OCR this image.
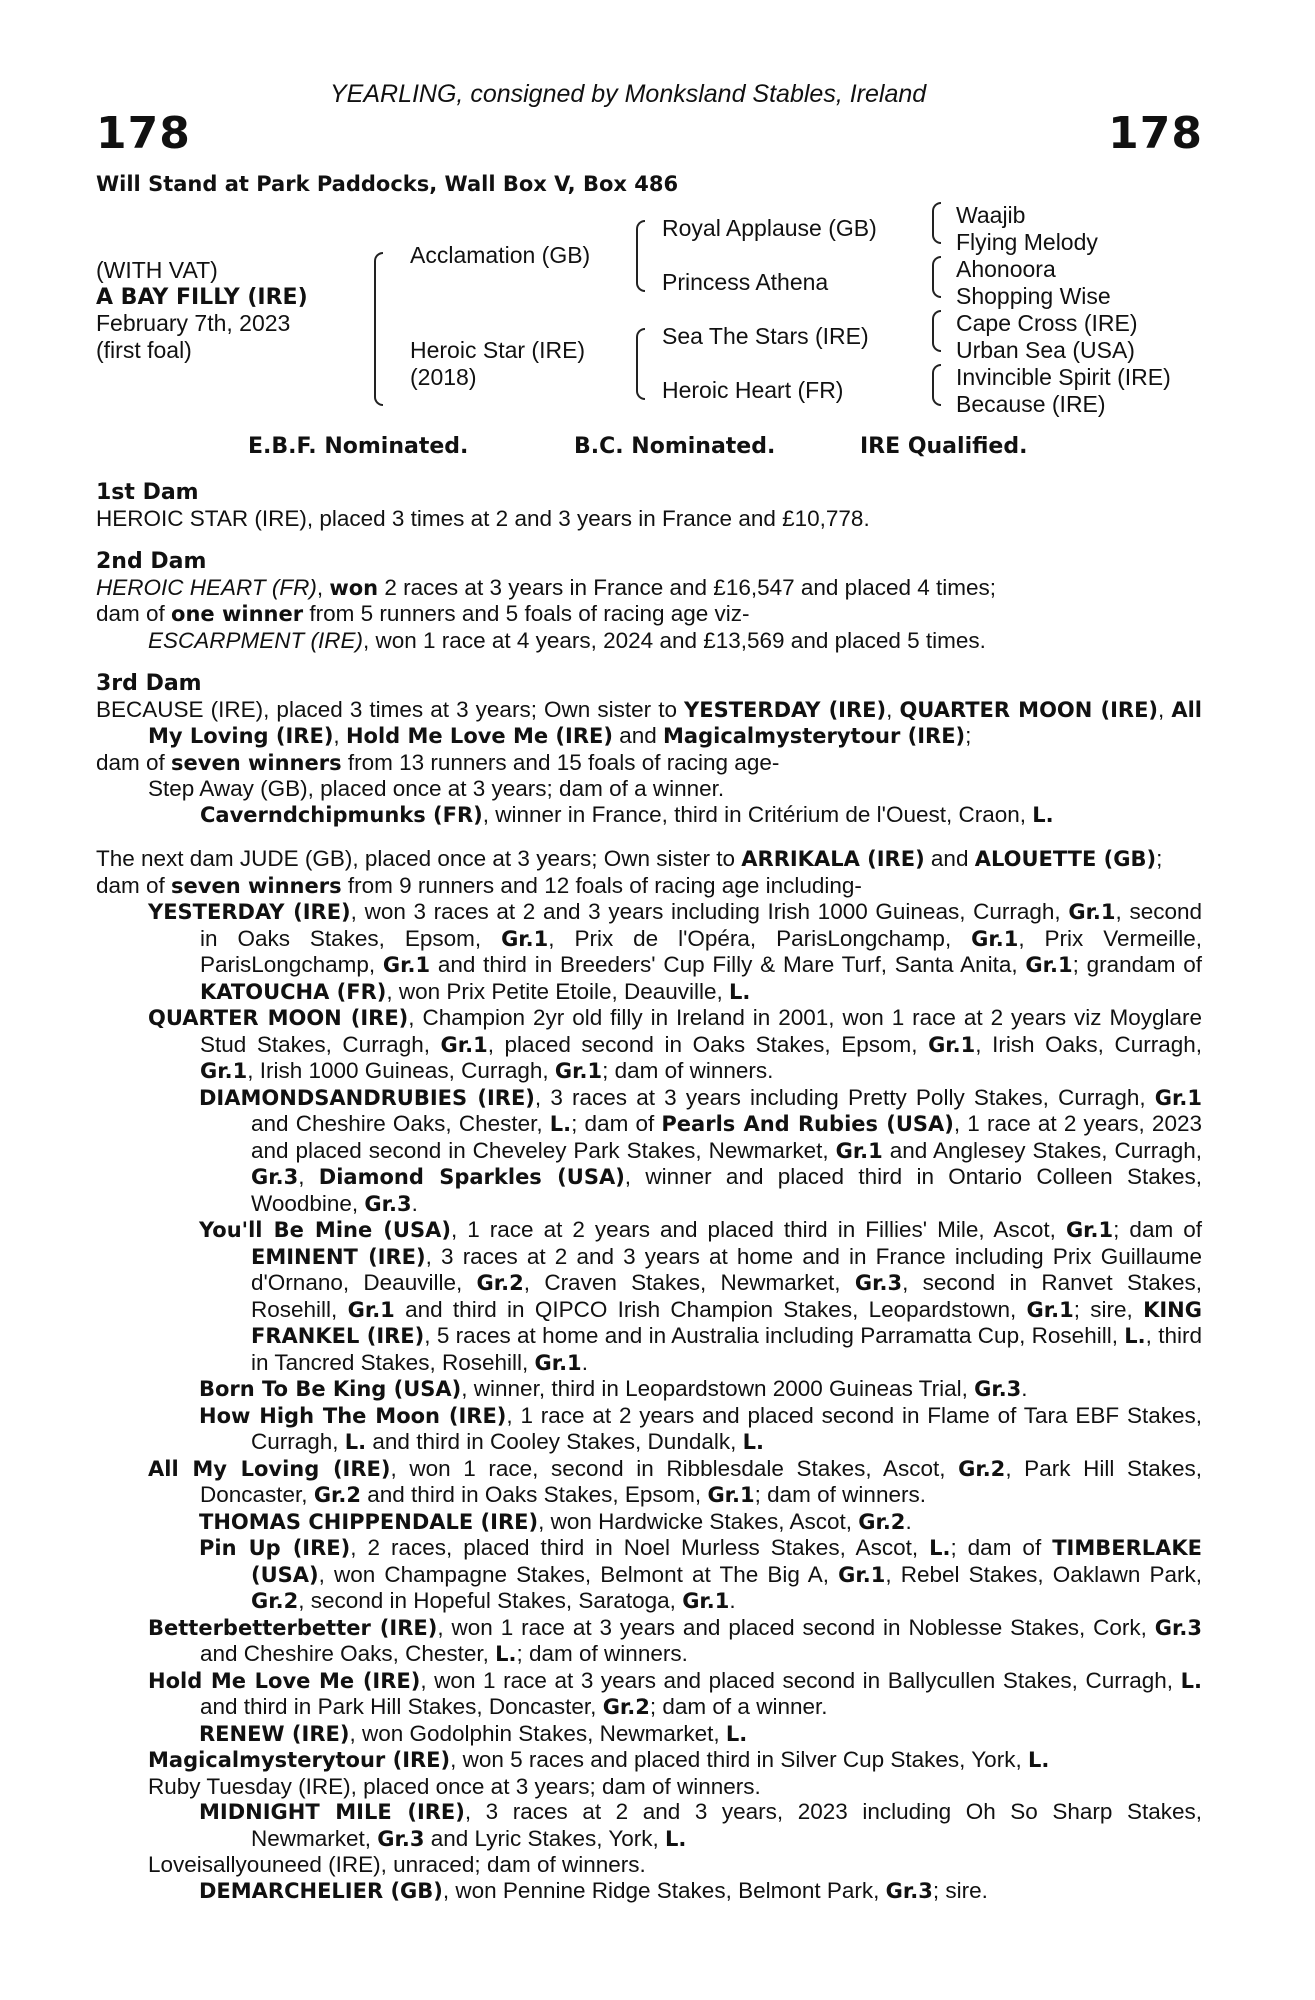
YEARLING, consigned by Monksland Stables, Ireland
178	178
Will Stand at Park Paddocks, Wall Box V, Box 486
(WITH VAT)
A BAY FILLY (IRE)
February 7th, 2023
(first foal)
Acclamation (GB)
Heroic Star (IRE)
(2018)
Royal Applause (GB)
Princess Athena
Sea The Stars (IRE)
Heroic Heart (FR)
Waajib
Flying Melody
Ahonoora
Shopping Wise
Cape Cross (IRE)
Urban Sea (USA)
Invincible Spirit (IRE)
Because (IRE)
E.B.F. Nominated.	B.C. Nominated.	IRE Qualified.

1st Dam

HEROIC STAR (IRE), placed 3 times at 2 and 3 years in France and £10,778.

2nd Dam

HEROIC HEART (FR), won 2 races at 3 years in France and £16,547 and placed 4 times;

dam of one winner from 5 runners and 5 foals of racing age viz-

ESCARPMENT (IRE), won 1 race at 4 years, 2024 and £13,569 and placed 5 times.

3rd Dam

BECAUSE (IRE), placed 3 times at 3 years; Own sister to YESTERDAY (IRE), QUARTER MOON (IRE), All My Loving (IRE), Hold Me Love Me (IRE) and Magicalmysterytour (IRE);

dam of seven winners from 13 runners and 15 foals of racing age-

Step Away (GB), placed once at 3 years; dam of a winner.

Caverndchipmunks (FR), winner in France, third in Critérium de l'Ouest, Craon, L.

The next dam JUDE (GB), placed once at 3 years; Own sister to ARRIKALA (IRE) and ALOUETTE (GB);

dam of seven winners from 9 runners and 12 foals of racing age including-

YESTERDAY (IRE), won 3 races at 2 and 3 years including Irish 1000 Guineas, Curragh, Gr.1, second in Oaks Stakes, Epsom, Gr.1, Prix de l'Opéra, ParisLongchamp, Gr.1, Prix Vermeille, ParisLongchamp, Gr.1 and third in Breeders' Cup Filly & Mare Turf, Santa Anita, Gr.1; grandam of KATOUCHA (FR), won Prix Petite Etoile, Deauville, L.

QUARTER MOON (IRE), Champion 2yr old filly in Ireland in 2001, won 1 race at 2 years viz Moyglare Stud Stakes, Curragh, Gr.1, placed second in Oaks Stakes, Epsom, Gr.1, Irish Oaks, Curragh, Gr.1, Irish 1000 Guineas, Curragh, Gr.1; dam of winners.

DIAMONDSANDRUBIES (IRE), 3 races at 3 years including Pretty Polly Stakes, Curragh, Gr.1 and Cheshire Oaks, Chester, L.; dam of Pearls And Rubies (USA), 1 race at 2 years, 2023 and placed second in Cheveley Park Stakes, Newmarket, Gr.1 and Anglesey Stakes, Curragh, Gr.3, Diamond Sparkles (USA), winner and placed third in Ontario Colleen Stakes, Woodbine, Gr.3.

You'll Be Mine (USA), 1 race at 2 years and placed third in Fillies' Mile, Ascot, Gr.1; dam of EMINENT (IRE), 3 races at 2 and 3 years at home and in France including Prix Guillaume d'Ornano, Deauville, Gr.2, Craven Stakes, Newmarket, Gr.3, second in Ranvet Stakes, Rosehill, Gr.1 and third in QIPCO Irish Champion Stakes, Leopardstown, Gr.1; sire, KING FRANKEL (IRE), 5 races at home and in Australia including Parramatta Cup, Rosehill, L., third in Tancred Stakes, Rosehill, Gr.1.

Born To Be King (USA), winner, third in Leopardstown 2000 Guineas Trial, Gr.3.

How High The Moon (IRE), 1 race at 2 years and placed second in Flame of Tara EBF Stakes, Curragh, L. and third in Cooley Stakes, Dundalk, L.

All My Loving (IRE), won 1 race, second in Ribblesdale Stakes, Ascot, Gr.2, Park Hill Stakes, Doncaster, Gr.2 and third in Oaks Stakes, Epsom, Gr.1; dam of winners.

THOMAS CHIPPENDALE (IRE), won Hardwicke Stakes, Ascot, Gr.2.

Pin Up (IRE), 2 races, placed third in Noel Murless Stakes, Ascot, L.; dam of TIMBERLAKE (USA), won Champagne Stakes, Belmont at The Big A, Gr.1, Rebel Stakes, Oaklawn Park, Gr.2, second in Hopeful Stakes, Saratoga, Gr.1.

Betterbetterbetter (IRE), won 1 race at 3 years and placed second in Noblesse Stakes, Cork, Gr.3 and Cheshire Oaks, Chester, L.; dam of winners.

Hold Me Love Me (IRE), won 1 race at 3 years and placed second in Ballycullen Stakes, Curragh, L. and third in Park Hill Stakes, Doncaster, Gr.2; dam of a winner.

RENEW (IRE), won Godolphin Stakes, Newmarket, L.

Magicalmysterytour (IRE), won 5 races and placed third in Silver Cup Stakes, York, L.

Ruby Tuesday (IRE), placed once at 3 years; dam of winners.

MIDNIGHT MILE (IRE), 3 races at 2 and 3 years, 2023 including Oh So Sharp Stakes, Newmarket, Gr.3 and Lyric Stakes, York, L.

Loveisallyouneed (IRE), unraced; dam of winners.

DEMARCHELIER (GB), won Pennine Ridge Stakes, Belmont Park, Gr.3; sire.
